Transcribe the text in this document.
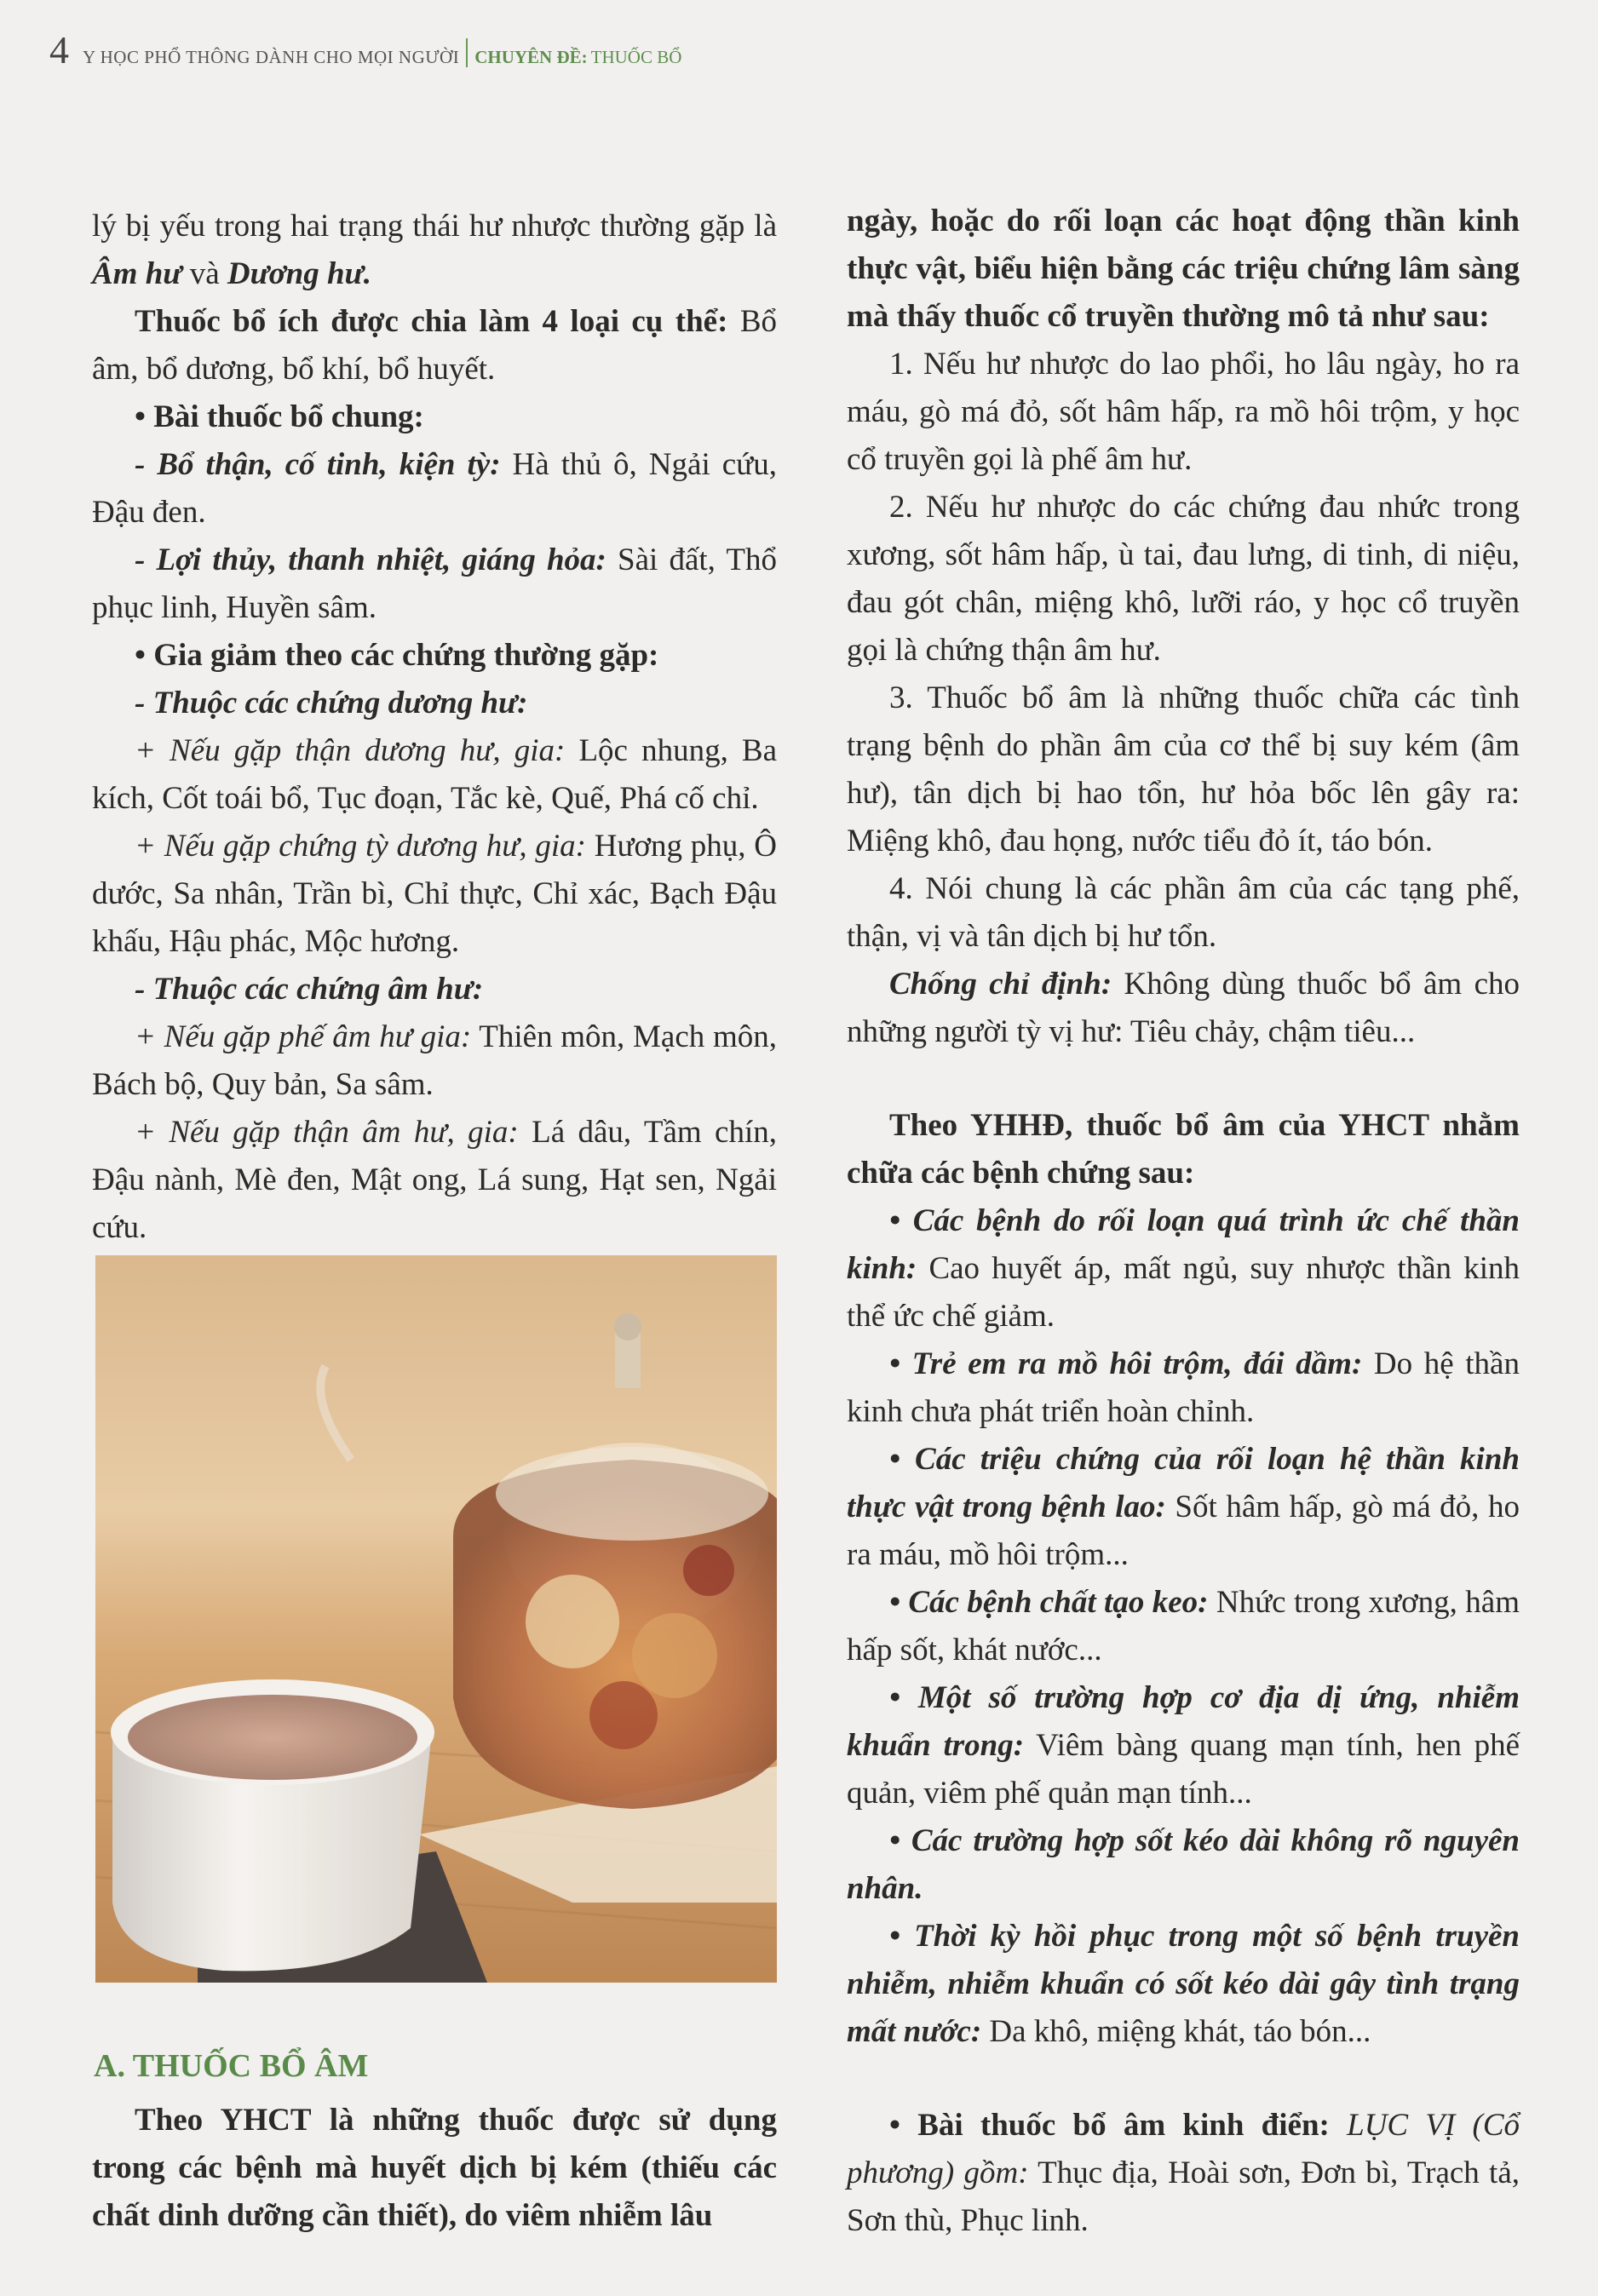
4 Y HỌC PHỔ THÔNG DÀNH CHO MỌI NGƯỜI CHUYÊN ĐỀ: THUỐC BỔ

lý bị yếu trong hai trạng thái hư nhược thường gặp là Âm hư và Dương hư.

Thuốc bổ ích được chia làm 4 loại cụ thể: Bổ âm, bổ dương, bổ khí, bổ huyết.

• Bài thuốc bổ chung:

- Bổ thận, cố tinh, kiện tỳ: Hà thủ ô, Ngải cứu, Đậu đen.

- Lợi thủy, thanh nhiệt, giáng hỏa: Sài đất, Thổ phục linh, Huyền sâm.

• Gia giảm theo các chứng thường gặp:

- Thuộc các chứng dương hư:

+ Nếu gặp thận dương hư, gia: Lộc nhung, Ba kích, Cốt toái bổ, Tục đoạn, Tắc kè, Quế, Phá cố chỉ.

+ Nếu gặp chứng tỳ dương hư, gia: Hương phụ, Ô dước, Sa nhân, Trần bì, Chỉ thực, Chỉ xác, Bạch Đậu khấu, Hậu phác, Mộc hương.

- Thuộc các chứng âm hư:

+ Nếu gặp phế âm hư gia: Thiên môn, Mạch môn, Bách bộ, Quy bản, Sa sâm.

+ Nếu gặp thận âm hư, gia: Lá dâu, Tầm chín, Đậu nành, Mè đen, Mật ong, Lá sung, Hạt sen, Ngải cứu.

A. THUỐC BỔ ÂM

Theo YHCT là những thuốc được sử dụng trong các bệnh mà huyết dịch bị kém (thiếu các chất dinh dưỡng cần thiết), do viêm nhiễm lâu

ngày, hoặc do rối loạn các hoạt động thần kinh thực vật, biểu hiện bằng các triệu chứng lâm sàng mà thấy thuốc cổ truyền thường mô tả như sau:

1. Nếu hư nhược do lao phổi, ho lâu ngày, ho ra máu, gò má đỏ, sốt hâm hấp, ra mồ hôi trộm, y học cổ truyền gọi là phế âm hư.

2. Nếu hư nhược do các chứng đau nhức trong xương, sốt hâm hấp, ù tai, đau lưng, di tinh, di niệu, đau gót chân, miệng khô, lưỡi ráo, y học cổ truyền gọi là chứng thận âm hư.

3. Thuốc bổ âm là những thuốc chữa các tình trạng bệnh do phần âm của cơ thể bị suy kém (âm hư), tân dịch bị hao tổn, hư hỏa bốc lên gây ra: Miệng khô, đau họng, nước tiểu đỏ ít, táo bón.

4. Nói chung là các phần âm của các tạng phế, thận, vị và tân dịch bị hư tổn.

Chống chỉ định: Không dùng thuốc bổ âm cho những người tỳ vị hư: Tiêu chảy, chậm tiêu...

Theo YHHĐ, thuốc bổ âm của YHCT nhằm chữa các bệnh chứng sau:

• Các bệnh do rối loạn quá trình ức chế thần kinh: Cao huyết áp, mất ngủ, suy nhược thần kinh thể ức chế giảm.

• Trẻ em ra mồ hôi trộm, đái dầm: Do hệ thần kinh chưa phát triển hoàn chỉnh.

• Các triệu chứng của rối loạn hệ thần kinh thực vật trong bệnh lao: Sốt hâm hấp, gò má đỏ, ho ra máu, mồ hôi trộm...

• Các bệnh chất tạo keo: Nhức trong xương, hâm hấp sốt, khát nước...

• Một số trường hợp cơ địa dị ứng, nhiễm khuẩn trong: Viêm bàng quang mạn tính, hen phế quản, viêm phế quản mạn tính...

• Các trường hợp sốt kéo dài không rõ nguyên nhân.

• Thời kỳ hồi phục trong một số bệnh truyền nhiễm, nhiễm khuẩn có sốt kéo dài gây tình trạng mất nước: Da khô, miệng khát, táo bón...

• Bài thuốc bổ âm kinh điển: LỤC VỊ (Cổ phương) gồm: Thục địa, Hoài sơn, Đơn bì, Trạch tả, Sơn thù, Phục linh.
